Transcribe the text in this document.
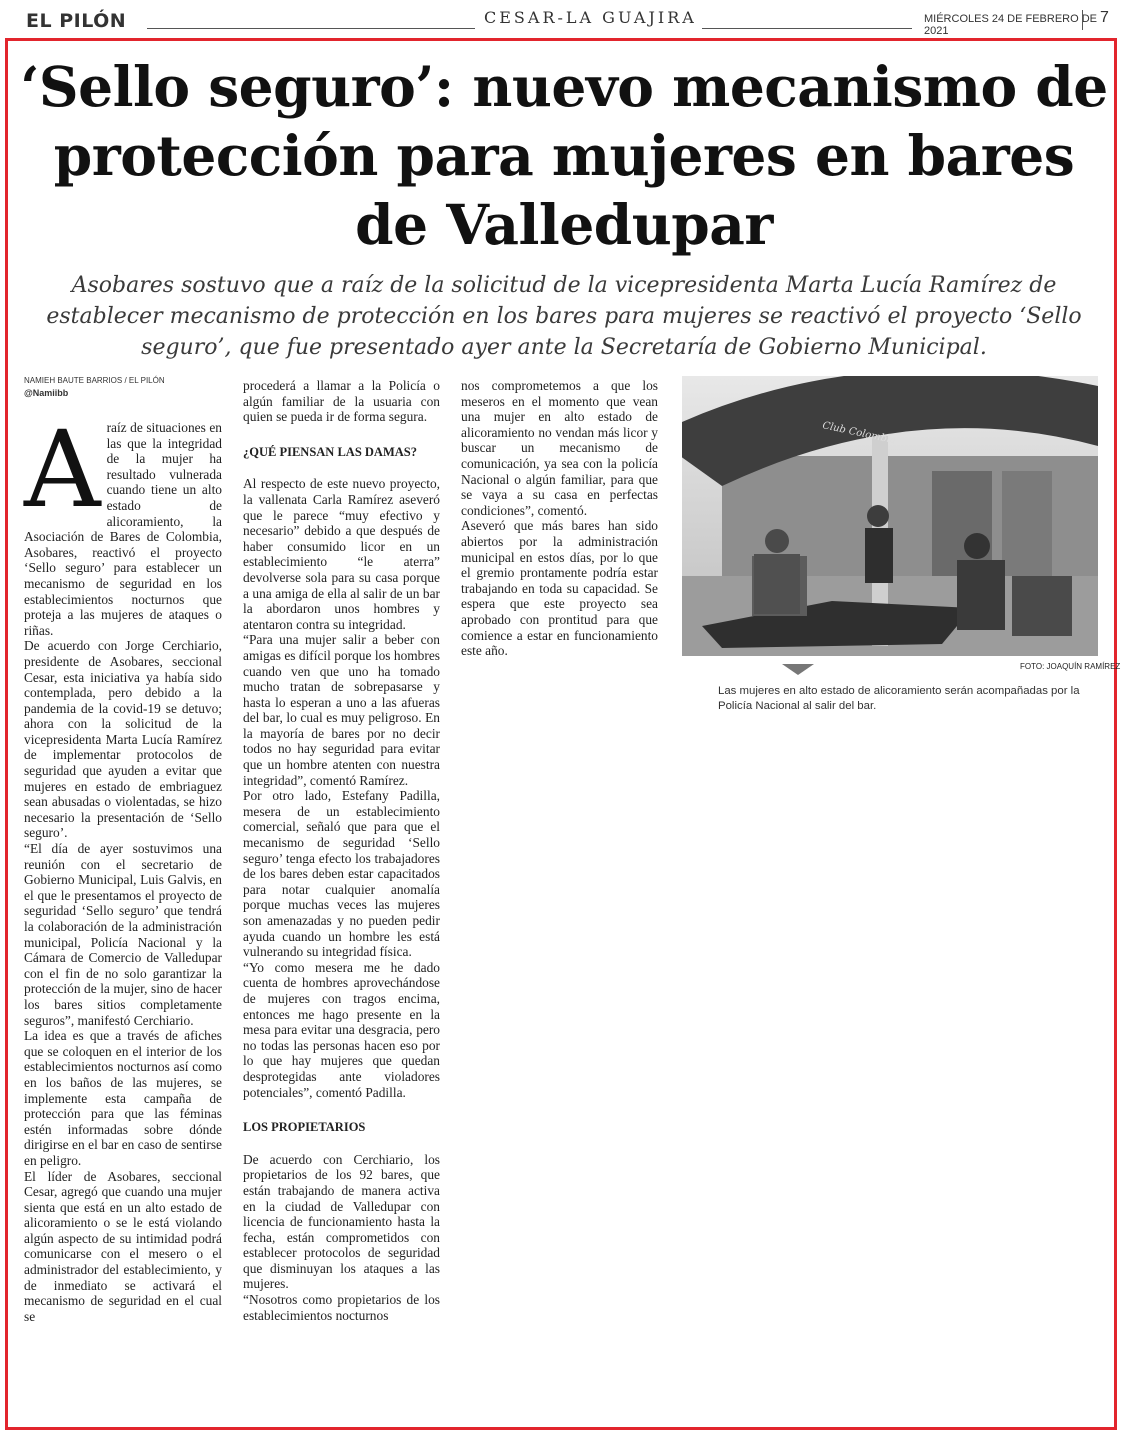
EL PILÓN	CESAR-LA GUAJIRA	MIÉRCOLES 24 DE FEBRERO DE 2021
7
‘Sello seguro’: nuevo mecanismo de protección para mujeres en bares de Valledupar

Asobares sostuvo que a raíz de la solicitud de la vicepresidenta Marta Lucía Ramírez de establecer mecanismo de protección en los bares para mujeres se reactivó el proyecto ‘Sello seguro’, que fue presentado ayer ante la Secretaría de Gobierno Municipal.

NAMIEH BAUTE BARRIOS / EL PILÓN
@Namiibb
A raíz de situaciones en las que la integridad de la mujer ha resultado vulnerada cuando tiene un alto estado de alicoramiento, la Asociación de Bares de Colombia, Asobares, reactivó el proyecto ‘Sello seguro’ para establecer un mecanismo de seguridad en los establecimientos nocturnos que proteja a las mujeres de ataques o riñas.

De acuerdo con Jorge Cerchiario, presidente de Asobares, seccional Cesar, esta iniciativa ya había sido contemplada, pero debido a la pandemia de la covid-19 se detuvo; ahora con la solicitud de la vicepresidenta Marta Lucía Ramírez de implementar protocolos de seguridad que ayuden a evitar que mujeres en estado de embriaguez sean abusadas o violentadas, se hizo necesario la presentación de ‘Sello seguro’.

“El día de ayer sostuvimos una reunión con el secretario de Gobierno Municipal, Luis Galvis, en el que le presentamos el proyecto de seguridad ‘Sello seguro’ que tendrá la colaboración de la administración municipal, Policía Nacional y la Cámara de Comercio de Valledupar con el fin de no solo garantizar la protección de la mujer, sino de hacer los bares sitios completamente seguros”, manifestó Cerchiario.

La idea es que a través de afiches que se coloquen en el interior de los establecimientos nocturnos así como en los baños de las mujeres, se implemente esta campaña de protección para que las féminas estén informadas sobre dónde dirigirse en el bar en caso de sentirse en peligro.

El líder de Asobares, seccional Cesar, agregó que cuando una mujer sienta que está en un alto estado de alicoramiento o se le está violando algún aspecto de su intimidad podrá comunicarse con el mesero o el administrador del establecimiento, y de inmediato se activará el mecanismo de seguridad en el cual se

procederá a llamar a la Policía o algún familiar de la usuaria con quien se pueda ir de forma segura.

¿QUÉ PIENSAN LAS DAMAS?

Al respecto de este nuevo proyecto, la vallenata Carla Ramírez aseveró que le parece “muy efectivo y necesario” debido a que después de haber consumido licor en un establecimiento “le aterra” devolverse sola para su casa porque a una amiga de ella al salir de un bar la abordaron unos hombres y atentaron contra su integridad.

“Para una mujer salir a beber con amigas es difícil porque los hombres cuando ven que uno ha tomado mucho tratan de sobrepasarse y hasta lo esperan a uno a las afueras del bar, lo cual es muy peligroso. En la mayoría de bares por no decir todos no hay seguridad para evitar que un hombre atenten con nuestra integridad”, comentó Ramírez.

Por otro lado, Estefany Padilla, mesera de un establecimiento comercial, señaló que para que el mecanismo de seguridad ‘Sello seguro’ tenga efecto los trabajadores de los bares deben estar capacitados para notar cualquier anomalía porque muchas veces las mujeres son amenazadas y no pueden pedir ayuda cuando un hombre les está vulnerando su integridad física.

“Yo como mesera me he dado cuenta de hombres aprovechándose de mujeres con tragos encima, entonces me hago presente en la mesa para evitar una desgracia, pero no todas las personas hacen eso por lo que hay mujeres que quedan desprotegidas ante violadores potenciales”, comentó Padilla.

LOS PROPIETARIOS

De acuerdo con Cerchiario, los propietarios de los 92 bares, que están trabajando de manera activa en la ciudad de Valledupar con licencia de funcionamiento hasta la fecha, están comprometidos con establecer protocolos de seguridad que disminuyan los ataques a las mujeres.

“Nosotros como propietarios de los establecimientos nocturnos

nos comprometemos a que los meseros en el momento que vean una mujer en alto estado de alicoramiento no vendan más licor y buscar un mecanismo de comunicación, ya sea con la policía Nacional o algún familiar, para que se vaya a su casa en perfectas condiciones”, comentó.

Aseveró que más bares han sido abiertos por la administración municipal en estos días, por lo que el gremio prontamente podría estar trabajando en toda su capacidad. Se espera que este proyecto sea aprobado con prontitud para que comience a estar en funcionamiento este año.

Club Colombia
FOTO: JOAQUÍN RAMÍREZ
Las mujeres en alto estado de alicoramiento serán acompañadas por la Policía Nacional al salir del bar.
